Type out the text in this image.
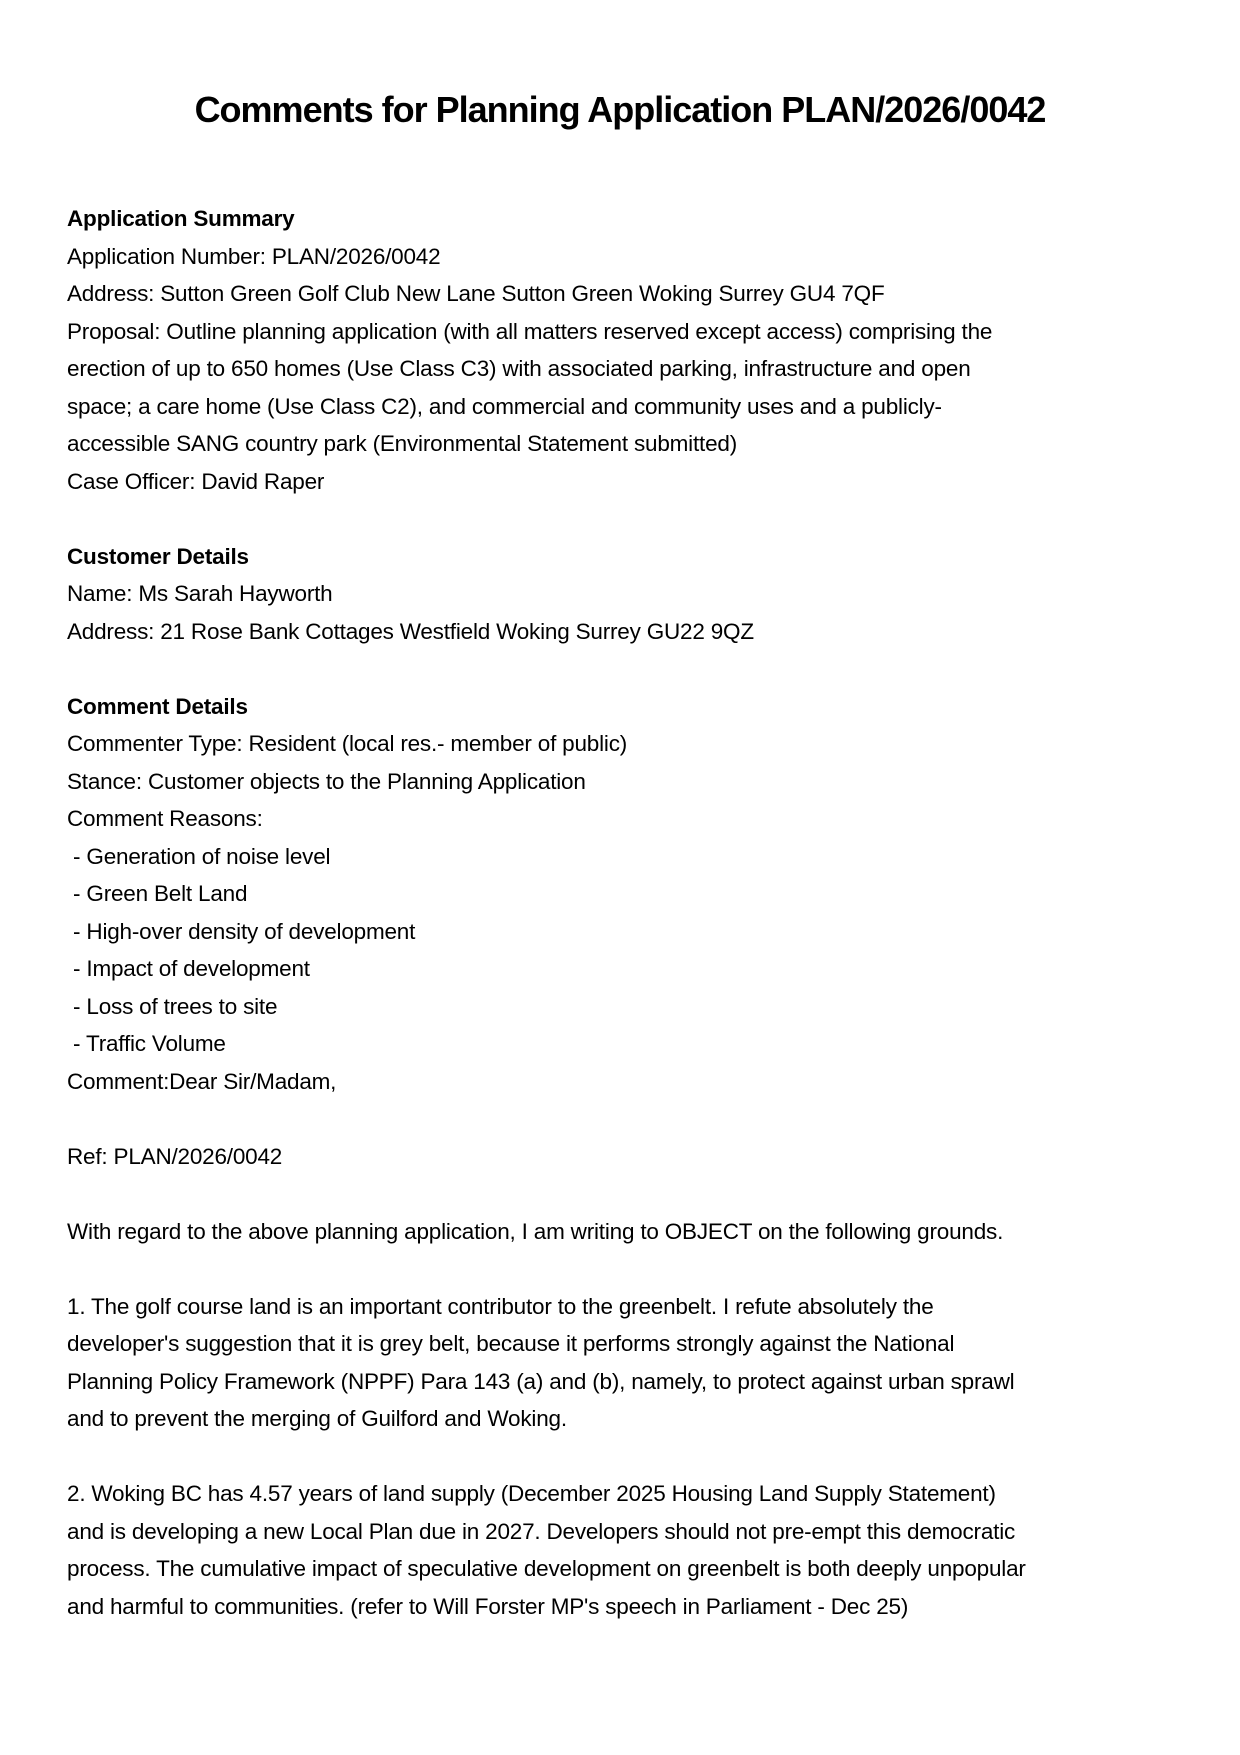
Comments for Planning Application PLAN/2026/0042
Application Summary
Application Number: PLAN/2026/0042
Address: Sutton Green Golf Club New Lane Sutton Green Woking Surrey GU4 7QF
Proposal: Outline planning application (with all matters reserved except access) comprising the
erection of up to 650 homes (Use Class C3) with associated parking, infrastructure and open
space; a care home (Use Class C2), and commercial and community uses and a publicly-
accessible SANG country park (Environmental Statement submitted)
Case Officer: David Raper
Customer Details
Name: Ms Sarah Hayworth
Address: 21 Rose Bank Cottages Westfield Woking Surrey GU22 9QZ
Comment Details
Commenter Type: Resident (local res.- member of public)
Stance: Customer objects to the Planning Application
Comment Reasons:
- Generation of noise level
- Green Belt Land
- High-over density of development
- Impact of development
- Loss of trees to site
- Traffic Volume
Comment:Dear Sir/Madam,
Ref: PLAN/2026/0042
With regard to the above planning application, I am writing to OBJECT on the following grounds.
1. The golf course land is an important contributor to the greenbelt. I refute absolutely the
developer's suggestion that it is grey belt, because it performs strongly against the National
Planning Policy Framework (NPPF) Para 143 (a) and (b), namely, to protect against urban sprawl
and to prevent the merging of Guilford and Woking.
2. Woking BC has 4.57 years of land supply (December 2025 Housing Land Supply Statement)
and is developing a new Local Plan due in 2027. Developers should not pre-empt this democratic
process. The cumulative impact of speculative development on greenbelt is both deeply unpopular
and harmful to communities. (refer to Will Forster MP's speech in Parliament - Dec 25)
